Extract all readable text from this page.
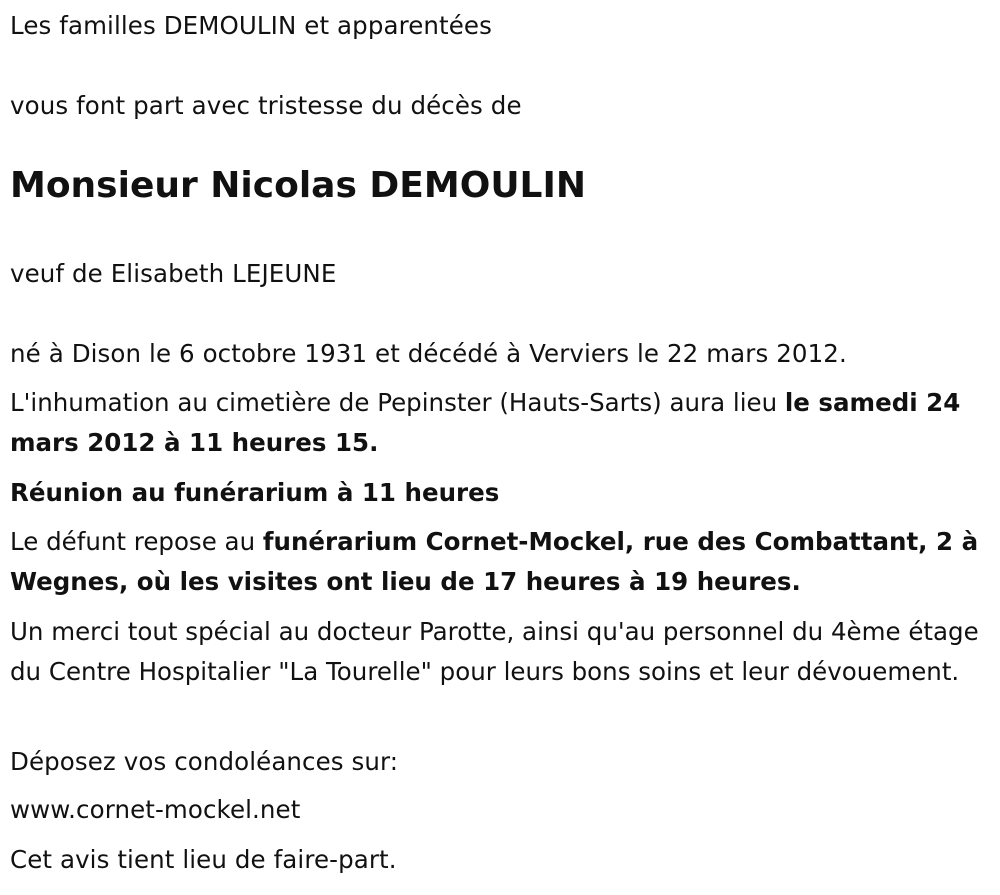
Les familles DEMOULIN et apparentées

vous font part avec tristesse du décès de

Monsieur Nicolas DEMOULIN

veuf de Elisabeth LEJEUNE

né à Dison le 6 octobre 1931 et décédé à Verviers le 22 mars 2012.

L'inhumation au cimetière de Pepinster (Hauts-Sarts) aura lieu le samedi 24 mars 2012 à 11 heures 15.

Réunion au funérarium à 11 heures

Le défunt repose au funérarium Cornet-Mockel, rue des Combattant, 2 à Wegnes, où les visites ont lieu de 17 heures à 19 heures.

Un merci tout spécial au docteur Parotte, ainsi qu'au personnel du 4ème étage du Centre Hospitalier "La Tourelle" pour leurs bons soins et leur dévouement.

Déposez vos condoléances sur:

www.cornet-mockel.net

Cet avis tient lieu de faire-part.
